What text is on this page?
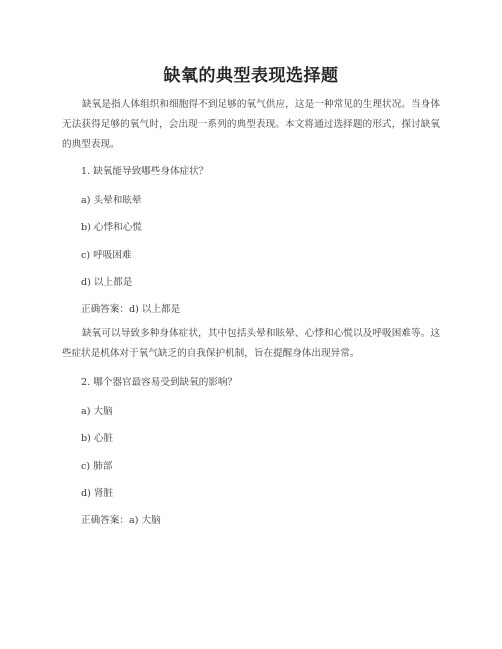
缺氧的典型表现选择题
缺氧是指人体组织和细胞得不到足够的氧气供应，这是一种常见的生理状况。当身体无法获得足够的氧气时，会出现一系列的典型表现。本文将通过选择题的形式，探讨缺氧的典型表现。
1. 缺氧能导致哪些身体症状？
a) 头晕和眩晕
b) 心悸和心慌
c) 呼吸困难
d) 以上都是
正确答案：d) 以上都是
缺氧可以导致多种身体症状，其中包括头晕和眩晕、心悸和心慌以及呼吸困难等。这些症状是机体对于氧气缺乏的自我保护机制，旨在提醒身体出现异常。
2. 哪个器官最容易受到缺氧的影响？
a) 大脑
b) 心脏
c) 肺部
d) 肾脏
正确答案：a) 大脑
